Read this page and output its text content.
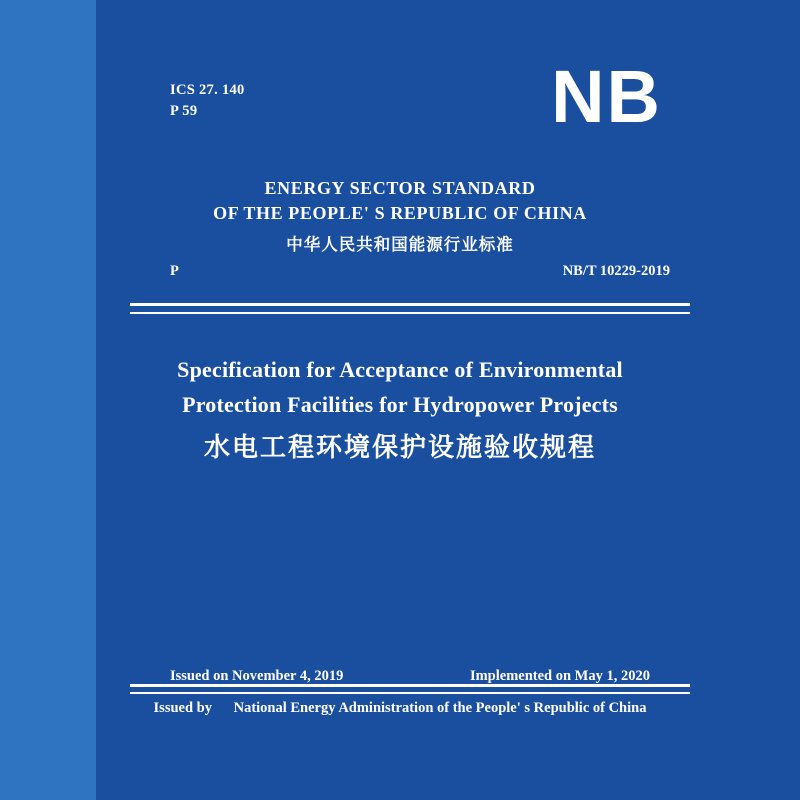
ICS 27. 140
P 59	NB
ENERGY SECTOR STANDARD
OF THE PEOPLE' S REPUBLIC OF CHINA
中华人民共和国能源行业标准
P	NB/T 10229-2019
Specification for Acceptance of Environmental
Protection Facilities for Hydropower Projects
水电工程环境保护设施验收规程
Issued on November 4, 2019	Implemented on May 1, 2020
Issued by National Energy Administration of the People' s Republic of China
